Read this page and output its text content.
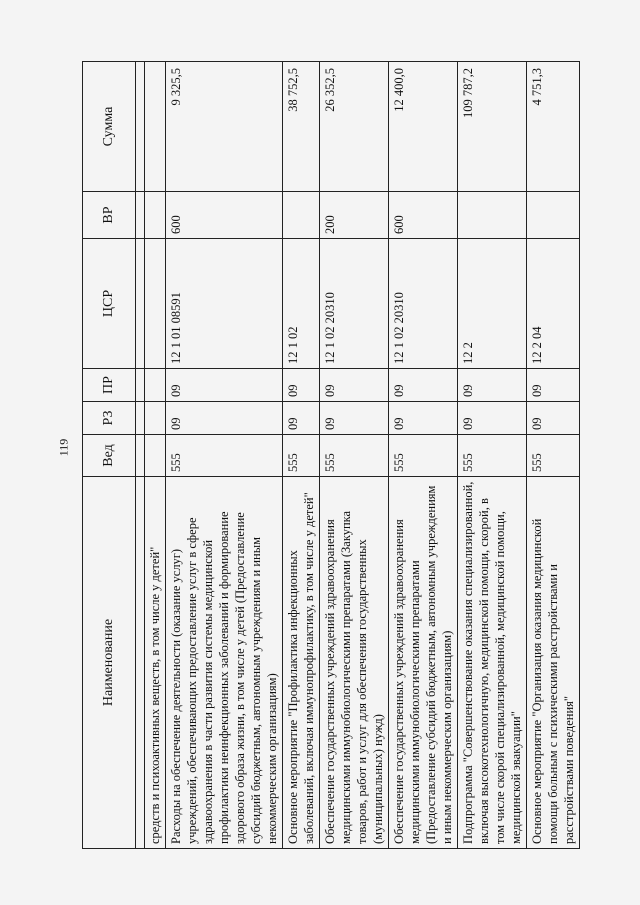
119
Наименование	Вед	РЗ	ПР	ЦСР	ВР	Сумма

средств и психоактивных веществ, в том числе у детей"						
Расходы на обеспечение деятельности (оказание услуг) учреждений, обеспечивающих предоставление услуг в сфере здравоохранения в части развития системы медицинской профилактики неинфекционных заболеваний и формирование здорового образа жизни, в том числе у детей (Предоставление субсидий бюджетным, автономным учреждениям и иным некоммерческим организациям)	555	09	09	12 1 01 08591	600	9 325,5
Основное мероприятие "Профилактика инфекционных заболеваний, включая иммунопрофилактику, в том числе у детей"	555	09	09	12 1 02		38 752,5
Обеспечение государственных учреждений здравоохранения медицинскими иммунобиологическими препаратами (Закупка товаров, работ и услуг для обеспечения государственных (муниципальных) нужд)	555	09	09	12 1 02 20310	200	26 352,5
Обеспечение государственных учреждений здравоохранения медицинскими иммунобиологическими препаратами (Предоставление субсидий бюджетным, автономным учреждениям и иным некоммерческим организациям)	555	09	09	12 1 02 20310	600	12 400,0
Подпрограмма "Совершенствование оказания специализированной, включая высокотехнологичную, медицинской помощи, скорой, в том числе скорой специализированной, медицинской помощи, медицинской эвакуации"	555	09	09	12 2		109 787,2
Основное мероприятие "Организация оказания медицинской помощи больным с психическими расстройствами и расстройствами поведения"	555	09	09	12 2 04		4 751,3
